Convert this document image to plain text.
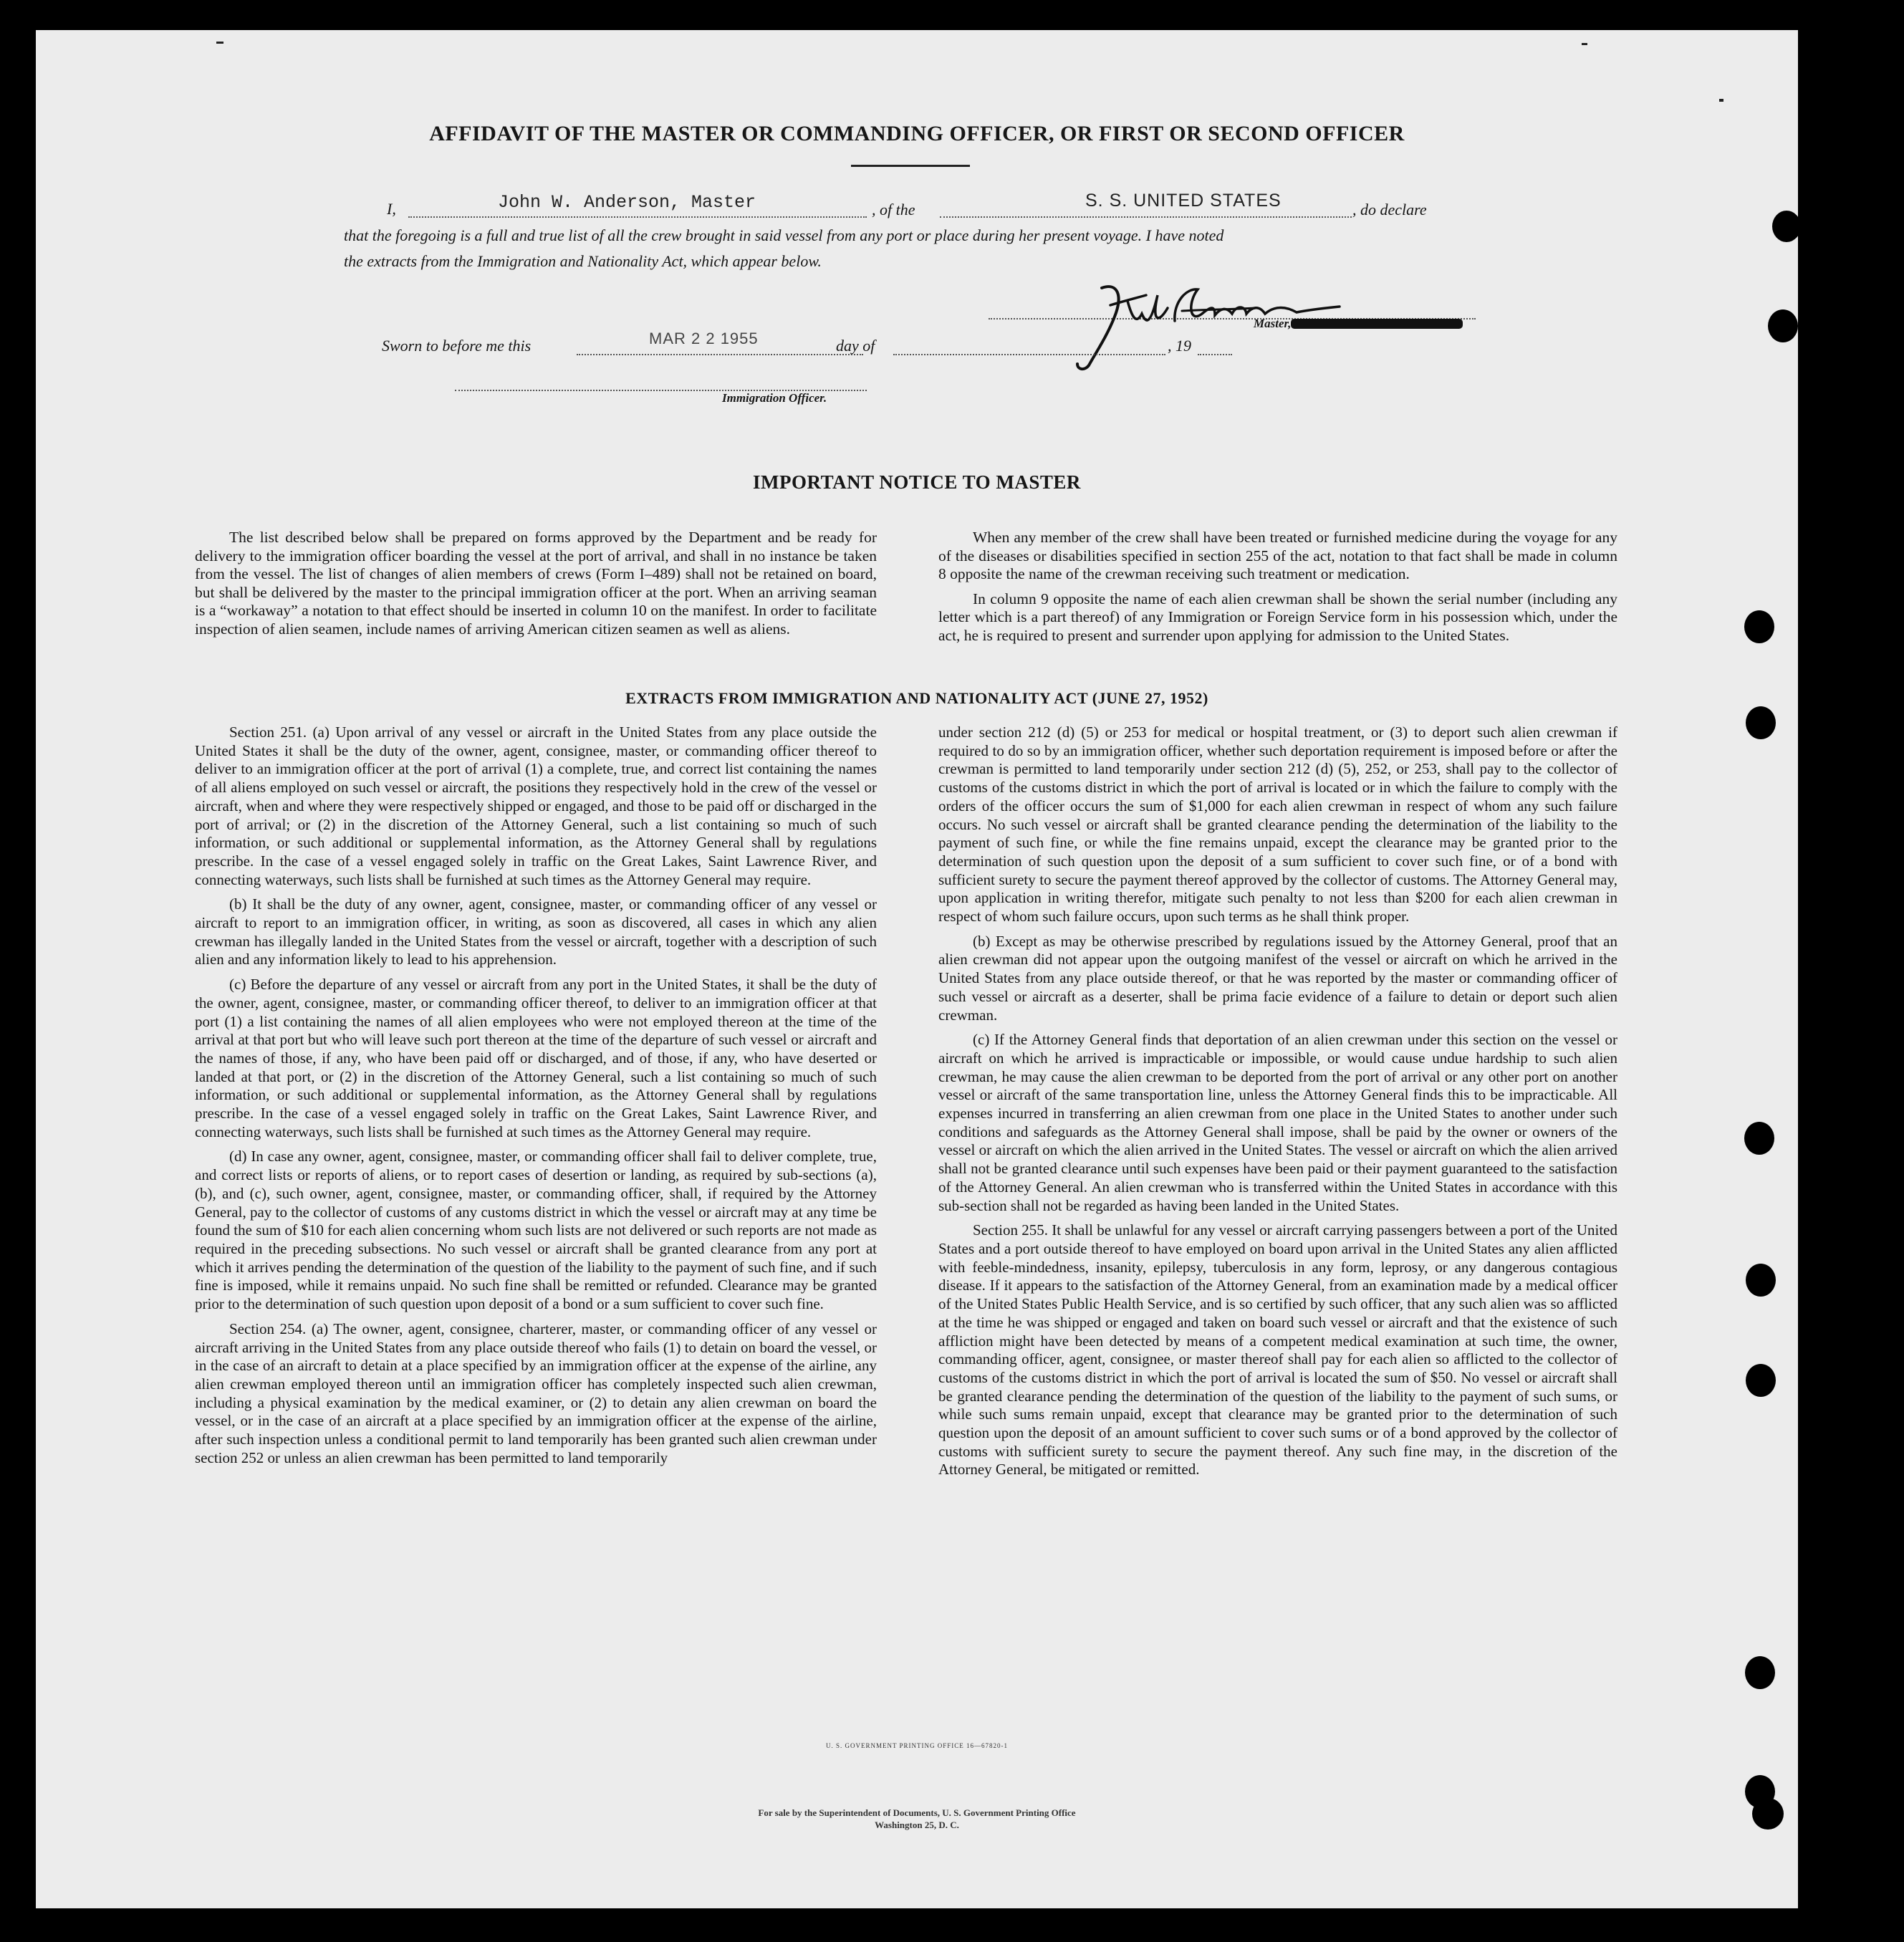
AFFIDAVIT OF THE MASTER OR COMMANDING OFFICER, OR FIRST OR SECOND OFFICER
I,	John W. Anderson, Master	, of the	S. S. UNITED STATES	, do declare
that the foregoing is a full and true list of all the crew brought in said vessel from any port or place during her present voyage. I have noted
the extracts from the Immigration and Nationality Act, which appear below.
Master,
Sworn to before me this	MAR 2 2 1955	day of	, 19
Immigration Officer.
IMPORTANT NOTICE TO MASTER

The list described below shall be prepared on forms approved by the Department and be ready for delivery to the immigration officer boarding the vessel at the port of arrival, and shall in no instance be taken from the vessel. The list of changes of alien members of crews (Form I–489) shall not be retained on board, but shall be delivered by the master to the principal immigration officer at the port. When an arriving seaman is a “workaway” a notation to that effect should be inserted in column 10 on the manifest. In order to facilitate inspection of alien seamen, include names of arriving American citizen seamen as well as aliens.

When any member of the crew shall have been treated or furnished medicine during the voyage for any of the diseases or disabilities specified in section 255 of the act, notation to that fact shall be made in column 8 opposite the name of the crewman receiving such treatment or medication.

In column 9 opposite the name of each alien crewman shall be shown the serial number (including any letter which is a part thereof) of any Immigration or Foreign Service form in his possession which, under the act, he is required to present and surrender upon applying for admission to the United States.

EXTRACTS FROM IMMIGRATION AND NATIONALITY ACT (JUNE 27, 1952)

Section 251. (a) Upon arrival of any vessel or aircraft in the United States from any place outside the United States it shall be the duty of the owner, agent, consignee, master, or commanding officer thereof to deliver to an immigration officer at the port of arrival (1) a complete, true, and correct list containing the names of all aliens employed on such vessel or aircraft, the positions they respectively hold in the crew of the vessel or aircraft, when and where they were respectively shipped or engaged, and those to be paid off or discharged in the port of arrival; or (2) in the discretion of the Attorney General, such a list containing so much of such information, or such additional or supplemental information, as the Attorney General shall by regulations prescribe. In the case of a vessel engaged solely in traffic on the Great Lakes, Saint Lawrence River, and connecting waterways, such lists shall be furnished at such times as the Attorney General may require.

(b) It shall be the duty of any owner, agent, consignee, master, or commanding officer of any vessel or aircraft to report to an immigration officer, in writing, as soon as discovered, all cases in which any alien crewman has illegally landed in the United States from the vessel or aircraft, together with a description of such alien and any information likely to lead to his apprehension.

(c) Before the departure of any vessel or aircraft from any port in the United States, it shall be the duty of the owner, agent, consignee, master, or commanding officer thereof, to deliver to an immigration officer at that port (1) a list containing the names of all alien employees who were not employed thereon at the time of the arrival at that port but who will leave such port thereon at the time of the departure of such vessel or aircraft and the names of those, if any, who have been paid off or discharged, and of those, if any, who have deserted or landed at that port, or (2) in the discretion of the Attorney General, such a list containing so much of such information, or such additional or supplemental information, as the Attorney General shall by regulations prescribe. In the case of a vessel engaged solely in traffic on the Great Lakes, Saint Lawrence River, and connecting waterways, such lists shall be furnished at such times as the Attorney General may require.

(d) In case any owner, agent, consignee, master, or commanding officer shall fail to deliver complete, true, and correct lists or reports of aliens, or to report cases of desertion or landing, as required by sub-sections (a), (b), and (c), such owner, agent, consignee, master, or commanding officer, shall, if required by the Attorney General, pay to the collector of customs of any customs district in which the vessel or aircraft may at any time be found the sum of $10 for each alien concerning whom such lists are not delivered or such reports are not made as required in the preceding subsections. No such vessel or aircraft shall be granted clearance from any port at which it arrives pending the determination of the question of the liability to the payment of such fine, and if such fine is imposed, while it remains unpaid. No such fine shall be remitted or refunded. Clearance may be granted prior to the determination of such question upon deposit of a bond or a sum sufficient to cover such fine.

Section 254. (a) The owner, agent, consignee, charterer, master, or commanding officer of any vessel or aircraft arriving in the United States from any place outside thereof who fails (1) to detain on board the vessel, or in the case of an aircraft to detain at a place specified by an immigration officer at the expense of the airline, any alien crewman employed thereon until an immigration officer has completely inspected such alien crewman, including a physical examination by the medical examiner, or (2) to detain any alien crewman on board the vessel, or in the case of an aircraft at a place specified by an immigration officer at the expense of the airline, after such inspection unless a conditional permit to land temporarily has been granted such alien crewman under section 252 or unless an alien crewman has been permitted to land temporarily

under section 212 (d) (5) or 253 for medical or hospital treatment, or (3) to deport such alien crewman if required to do so by an immigration officer, whether such deportation requirement is imposed before or after the crewman is permitted to land temporarily under section 212 (d) (5), 252, or 253, shall pay to the collector of customs of the customs district in which the port of arrival is located or in which the failure to comply with the orders of the officer occurs the sum of $1,000 for each alien crewman in respect of whom any such failure occurs. No such vessel or aircraft shall be granted clearance pending the determination of the liability to the payment of such fine, or while the fine remains unpaid, except the clearance may be granted prior to the determination of such question upon the deposit of a sum sufficient to cover such fine, or of a bond with sufficient surety to secure the payment thereof approved by the collector of customs. The Attorney General may, upon application in writing therefor, mitigate such penalty to not less than $200 for each alien crewman in respect of whom such failure occurs, upon such terms as he shall think proper.

(b) Except as may be otherwise prescribed by regulations issued by the Attorney General, proof that an alien crewman did not appear upon the outgoing manifest of the vessel or aircraft on which he arrived in the United States from any place outside thereof, or that he was reported by the master or commanding officer of such vessel or aircraft as a deserter, shall be prima facie evidence of a failure to detain or deport such alien crewman.

(c) If the Attorney General finds that deportation of an alien crewman under this section on the vessel or aircraft on which he arrived is impracticable or impossible, or would cause undue hardship to such alien crewman, he may cause the alien crewman to be deported from the port of arrival or any other port on another vessel or aircraft of the same transportation line, unless the Attorney General finds this to be impracticable. All expenses incurred in transferring an alien crewman from one place in the United States to another under such conditions and safeguards as the Attorney General shall impose, shall be paid by the owner or owners of the vessel or aircraft on which the alien arrived in the United States. The vessel or aircraft on which the alien arrived shall not be granted clearance until such expenses have been paid or their payment guaranteed to the satisfaction of the Attorney General. An alien crewman who is transferred within the United States in accordance with this sub-section shall not be regarded as having been landed in the United States.

Section 255. It shall be unlawful for any vessel or aircraft carrying passengers between a port of the United States and a port outside thereof to have employed on board upon arrival in the United States any alien afflicted with feeble-mindedness, insanity, epilepsy, tuberculosis in any form, leprosy, or any dangerous contagious disease. If it appears to the satisfaction of the Attorney General, from an examination made by a medical officer of the United States Public Health Service, and is so certified by such officer, that any such alien was so afflicted at the time he was shipped or engaged and taken on board such vessel or aircraft and that the existence of such affliction might have been detected by means of a competent medical examination at such time, the owner, commanding officer, agent, consignee, or master thereof shall pay for each alien so afflicted to the collector of customs of the customs district in which the port of arrival is located the sum of $50. No vessel or aircraft shall be granted clearance pending the determination of the question of the liability to the payment of such sums, or while such sums remain unpaid, except that clearance may be granted prior to the determination of such question upon the deposit of an amount sufficient to cover such sums or of a bond approved by the collector of customs with sufficient surety to secure the payment thereof. Any such fine may, in the discretion of the Attorney General, be mitigated or remitted.

U. S. GOVERNMENT PRINTING OFFICE 16—67820-1
For sale by the Superintendent of Documents, U. S. Government Printing Office
Washington 25, D. C.
